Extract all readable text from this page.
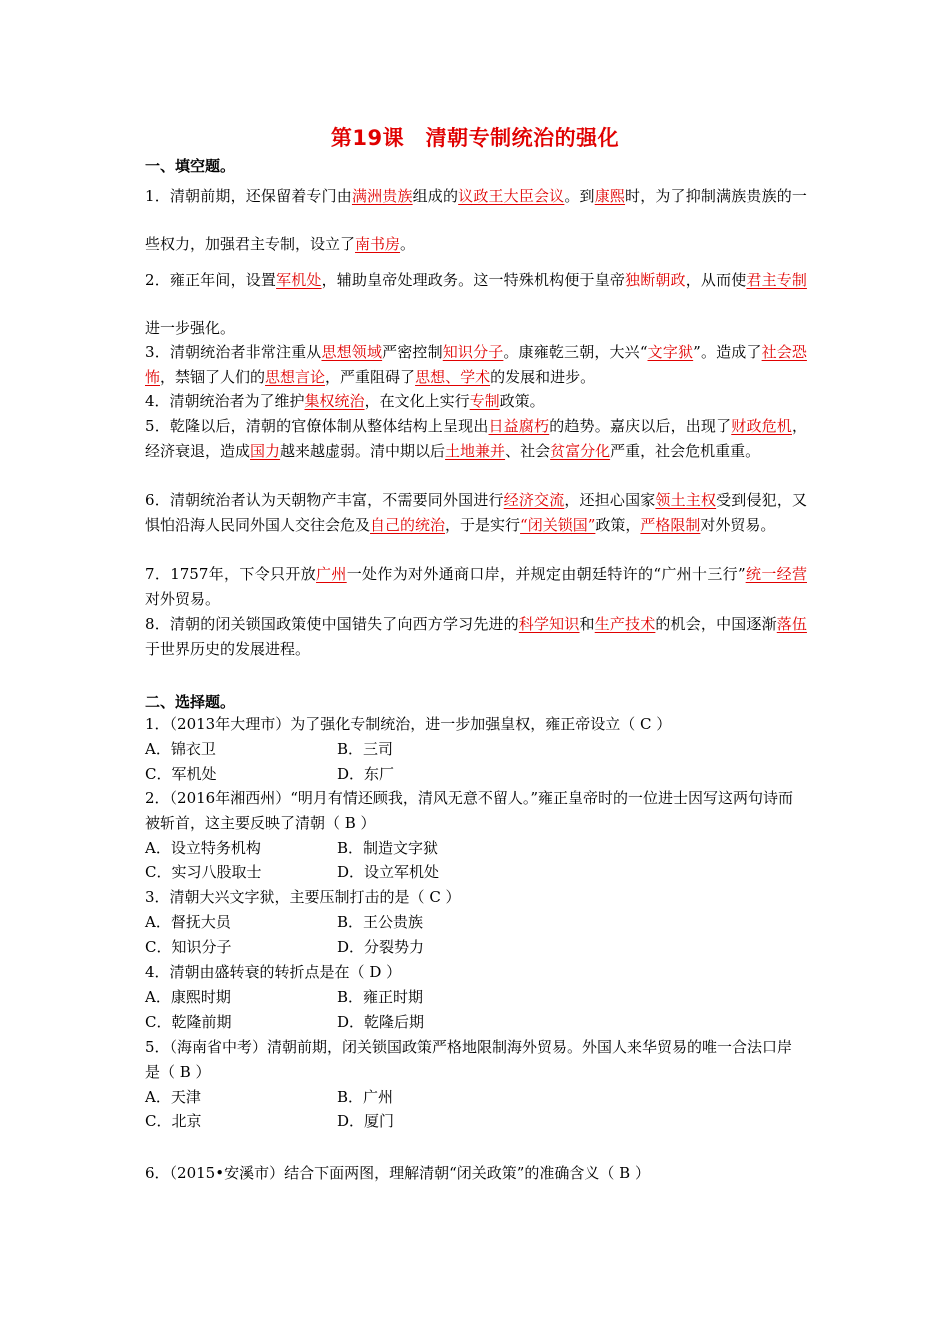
第19课　清朝专制统治的强化
一、填空题。
1．清朝前期，还保留着专门由满洲贵族组成的议政王大臣会议。到康熙时，为了抑制满族贵族的一些权力，加强君主专制，设立了南书房。
2．雍正年间，设置军机处，辅助皇帝处理政务。这一特殊机构便于皇帝独断朝政，从而使君主专制进一步强化。
3．清朝统治者非常注重从思想领域严密控制知识分子。康雍乾三朝，大兴“文字狱”。造成了社会恐怖，禁锢了人们的思想言论，严重阻碍了思想、学术的发展和进步。
4．清朝统治者为了维护集权统治，在文化上实行专制政策。
5．乾隆以后，清朝的官僚体制从整体结构上呈现出日益腐朽的趋势。嘉庆以后，出现了财政危机，经济衰退，造成国力越来越虚弱。清中期以后土地兼并、社会贫富分化严重，社会危机重重。
6．清朝统治者认为天朝物产丰富，不需要同外国进行经济交流，还担心国家领土主权受到侵犯，又惧怕沿海人民同外国人交往会危及自己的统治，于是实行“闭关锁国”政策，严格限制对外贸易。
7．1757年，下令只开放广州一处作为对外通商口岸，并规定由朝廷特许的“广州十三行”统一经营对外贸易。
8．清朝的闭关锁国政策使中国错失了向西方学习先进的科学知识和生产技术的机会，中国逐渐落伍于世界历史的发展进程。
二、选择题。
1．（2013年大理市）为了强化专制统治，进一步加强皇权，雍正帝设立（ C ）
A．锦衣卫	B．三司
C．军机处	D．东厂
2．（2016年湘西州）“明月有情还顾我，清风无意不留人。”雍正皇帝时的一位进士因写这两句诗而被斩首，这主要反映了清朝（ B ）
A．设立特务机构	B．制造文字狱
C．实习八股取士	D．设立军机处
3．清朝大兴文字狱，主要压制打击的是（ C ）
A．督抚大员	B．王公贵族
C．知识分子	D．分裂势力
4．清朝由盛转衰的转折点是在（ D ）
A．康熙时期	B．雍正时期
C．乾隆前期	D．乾隆后期
5．（海南省中考）清朝前期，闭关锁国政策严格地限制海外贸易。外国人来华贸易的唯一合法口岸是（ B ）
A．天津	B．广州
C．北京	D．厦门
6．（2015•安溪市）结合下面两图，理解清朝“闭关政策”的准确含义（ B ）
